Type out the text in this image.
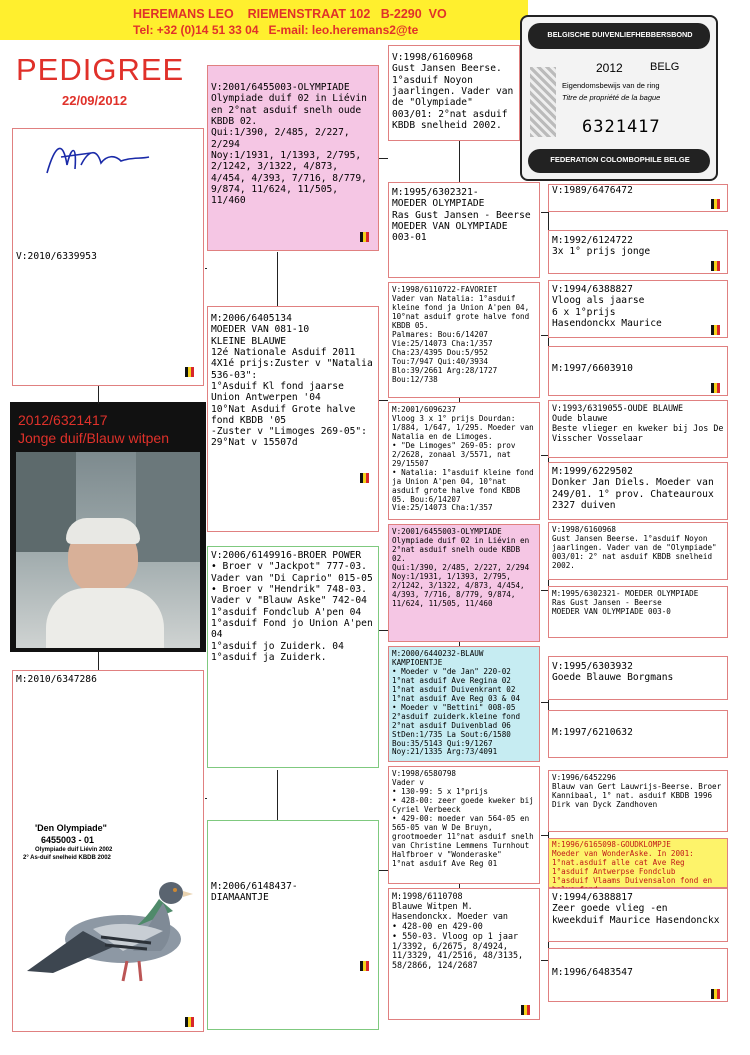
HEREMANS LEO    RIEMENSTRAAT 102   B-2290  VO
Tel: +32 (0)14 51 33 04   E-mail: leo.heremans2@te
PEDIGREE
22/09/2012
V:2010/6339953
2012/6321417
Jonge duif/Blauw witpen
M:2010/6347286
'Den Olympiade"
6455003 - 01
Olympiade duif Liévin 2002
2° As-duif snelheid KBDB 2002
BELGISCHE DUIVENLIEFHEBBERSBOND
2012 BELG
Eigendomsbewijs van de ring
Titre de propriété de la bague
6321417
FEDERATION COLOMBOPHILE BELGE
V:2001/6455003-OLYMPIADE
Olympiade duif 02 in Liévin en 2°nat asduif snelh oude KBDB 02.
Qui:1/390, 2/485, 2/227, 2/294
Noy:1/1931, 1/1393, 2/795, 2/1242, 3/1322, 4/873, 4/454, 4/393, 7/716, 8/779, 9/874, 11/624, 11/505, 11/460
M:2006/6405134
MOEDER VAN 081-10
KLEINE BLAUWE
12é Nationale Asduif 2011 4X1é prijs:Zuster v "Natalia 536-03":
1°Asduif Kl fond jaarse Union Antwerpen '04
10°Nat Asduif Grote halve fond KBDB '05
-Zuster v "Limoges 269-05":
29°Nat v 15507d
V:2006/6149916-BROER POWER
• Broer v "Jackpot" 777-03. Vader van "Di Caprio" 015-05
• Broer v "Hendrik" 748-03. Vader v "Blauw Aske" 742-04
1°asduif Fondclub A'pen 04
1°asduif Fond jo Union A'pen 04
1°asduif jo Zuiderk. 04
1°asduif ja Zuiderk.
M:2006/6148437-
DIAMAANTJE
V:1998/6160968
Gust Jansen Beerse.
1°asduif Noyon jaarlingen. Vader van de "Olympiade" 003/01: 2°nat asduif KBDB snelheid 2002.
M:1995/6302321-
MOEDER OLYMPIADE
Ras Gust Jansen - Beerse
MOEDER VAN OLYMPIADE 003-01
V:1998/6110722-FAVORIET
Vader van Natalia: 1°asduif kleine fond ja Union A'pen 04, 10°nat asduif grote halve fond KBDB 05.
Palmares: Bou:6/14207
Vie:25/14073 Cha:1/357
Cha:23/4395 Dou:5/952
Tou:7/947 Qui:40/3934
Blo:39/2661 Arg:28/1727
Bou:12/738
M:2001/6096237
Vloog 3 x 1° prijs Dourdan: 1/884, 1/647, 1/295. Moeder van Natalia en de Limoges.
• "De Limoges" 269-05: prov 2/2628, zonaal 3/5571, nat 29/15507
• Natalia: 1°asduif kleine fond ja Union A'pen 04, 10°nat asduif grote halve fond KBDB 05. Bou:6/14207
Vie:25/14073 Cha:1/357
V:2001/6455003-OLYMPIADE
Olympiade duif 02 in Liévin en 2°nat asduif snelh oude KBDB 02.
Qui:1/390, 2/485, 2/227, 2/294
Noy:1/1931, 1/1393, 2/795, 2/1242, 3/1322, 4/873, 4/454, 4/393, 7/716, 8/779, 9/874, 11/624, 11/505, 11/460
M:2000/6440232-BLAUW KAMPIOENTJE
• Moeder v "de Jan" 220-02
1°nat asduif Ave Regina 02
1°nat asduif Duivenkrant 02
1°nat asduif Ave Reg 03 & 04
• Moeder v "Bettini" 008-05
2°asduif zuiderk.kleine fond
2°nat asduif Duivenblad 06
StDen:1/735 La Sout:6/1580
Bou:35/5143 Qui:9/1267
Noy:21/1335 Arg:73/4091
V:1998/6580798
Vader v
• 130-99: 5 x 1°prijs
• 428-00: zeer goede kweker bij Cyriel Verbeeck
• 429-00: moeder van 564-05 en 565-05 van W De Bruyn, grootmoeder 11°nat asduif snelh van Christine Lemmens Turnhout
Halfbroer v "Wonderaske"
1°nat asduif Ave Reg 01
M:1998/6110708
Blauwe Witpen M. Hasendonckx. Moeder van
• 428-00 en 429-00
• 550-03. Vloog op 1 jaar 1/3392, 6/2675, 8/4924, 11/3329, 41/2516, 48/3135, 58/2866, 124/2687
V:1989/6476472
M:1992/6124722
3x 1° prijs jonge
V:1994/6388827
Vloog als jaarse
6 x 1°prijs
Hasendonckx Maurice
M:1997/6603910
V:1993/6319055-OUDE BLAUWE
Oude blauwe
Beste vlieger en kweker bij Jos De Visscher Vosselaar
M:1999/6229502
Donker Jan Diels. Moeder van 249/01. 1° prov. Chateauroux 2327 duiven
V:1998/6160968
Gust Jansen Beerse. 1°asduif Noyon jaarlingen. Vader van de "Olympiade" 003/01: 2° nat asduif KBDB snelheid 2002.
M:1995/6302321- MOEDER OLYMPIADE
Ras Gust Jansen - Beerse
MOEDER VAN OLYMPIADE 003-0
V:1995/6303932
Goede Blauwe Borgmans
M:1997/6210632
V:1996/6452296
Blauw van Gert Lauwrijs-Beerse. Broer Kannibaal, 1° nat. asduif KBDB 1996 Dirk van Dyck Zandhoven
M:1996/6165098-GOUDKLOMPJE
Moeder van WonderAske. In 2001: 1°nat.asduif alle cat Ave Reg
1°asduif Antwerpse Fondclub
1°asduif Vlaams Duivensalon fond en
V:1994/6388817
Zeer goede vlieg -en kweekduif Maurice Hasendonckx
M:1996/6483547
